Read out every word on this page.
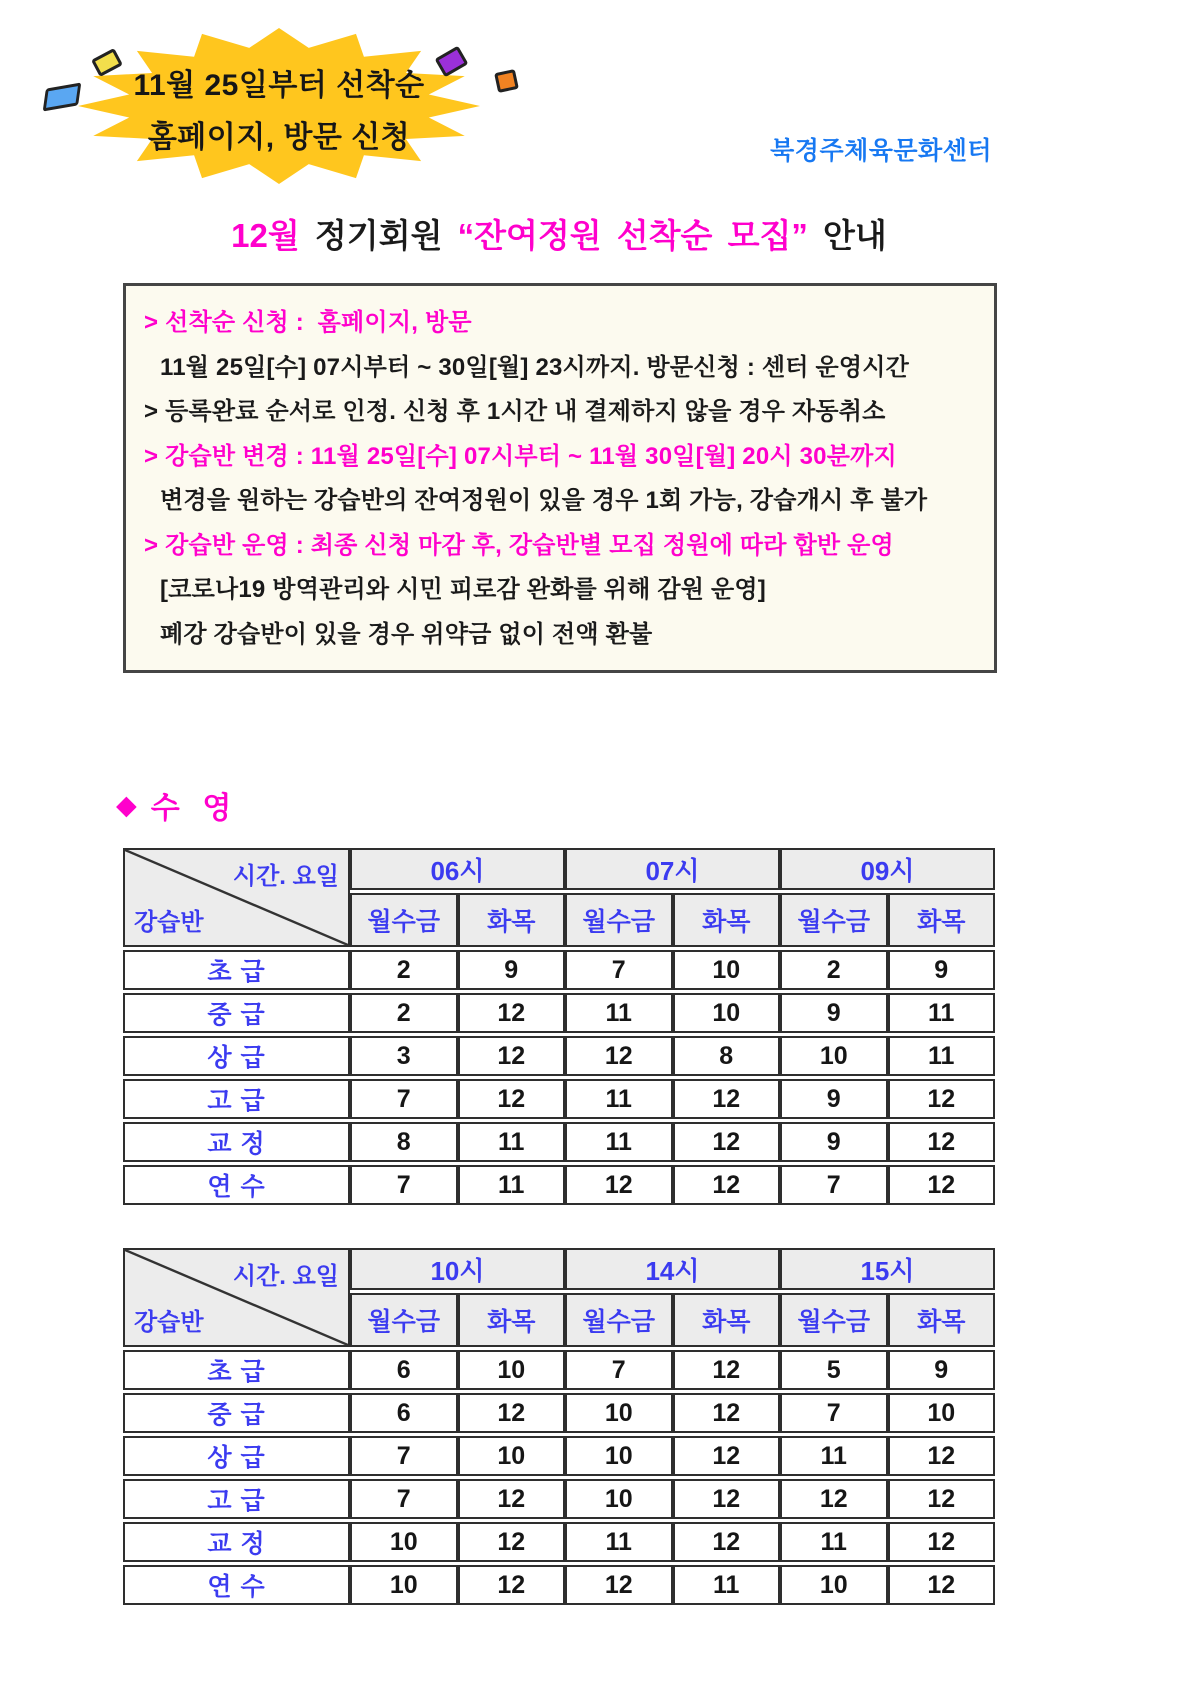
11월 25일부터 선착순
홈페이지, 방문 신청	북경주체육문화센터
12월 정기회원 “잔여정원 선착순 모집” 안내
> 선착순 신청 :  홈페이지, 방문
11월 25일[수] 07시부터 ~ 30일[월] 23시까지. 방문신청 : 센터 운영시간
> 등록완료 순서로 인정. 신청 후 1시간 내 결제하지 않을 경우 자동취소
> 강습반 변경 : 11월 25일[수] 07시부터 ~ 11월 30일[월] 20시 30분까지
변경을 원하는 강습반의 잔여정원이 있을 경우 1회 가능, 강습개시 후 불가
> 강습반 운영 : 최종 신청 마감 후, 강습반별 모집 정원에 따라 합반 운영
[코로나19 방역관리와 시민 피로감 완화를 위해 감원 운영]
폐강 강습반이 있을 경우 위약금 없이 전액 환불
◆ 수  영
시간. 요일
강습반	06시		07시		09시	
	월수금	화목	월수금	화목	월수금	화목
초 급	2	9	7	10	2	9
중 급	2	12	11	10	9	11
상 급	3	12	12	8	10	11
고 급	7	12	11	12	9	12
교 정	8	11	11	12	9	12
연 수	7	11	12	12	7	12
시간. 요일
강습반	10시		14시		15시	
	월수금	화목	월수금	화목	월수금	화목
초 급	6	10	7	12	5	9
중 급	6	12	10	12	7	10
상 급	7	10	10	12	11	12
고 급	7	12	10	12	12	12
교 정	10	12	11	12	11	12
연 수	10	12	12	11	10	12
